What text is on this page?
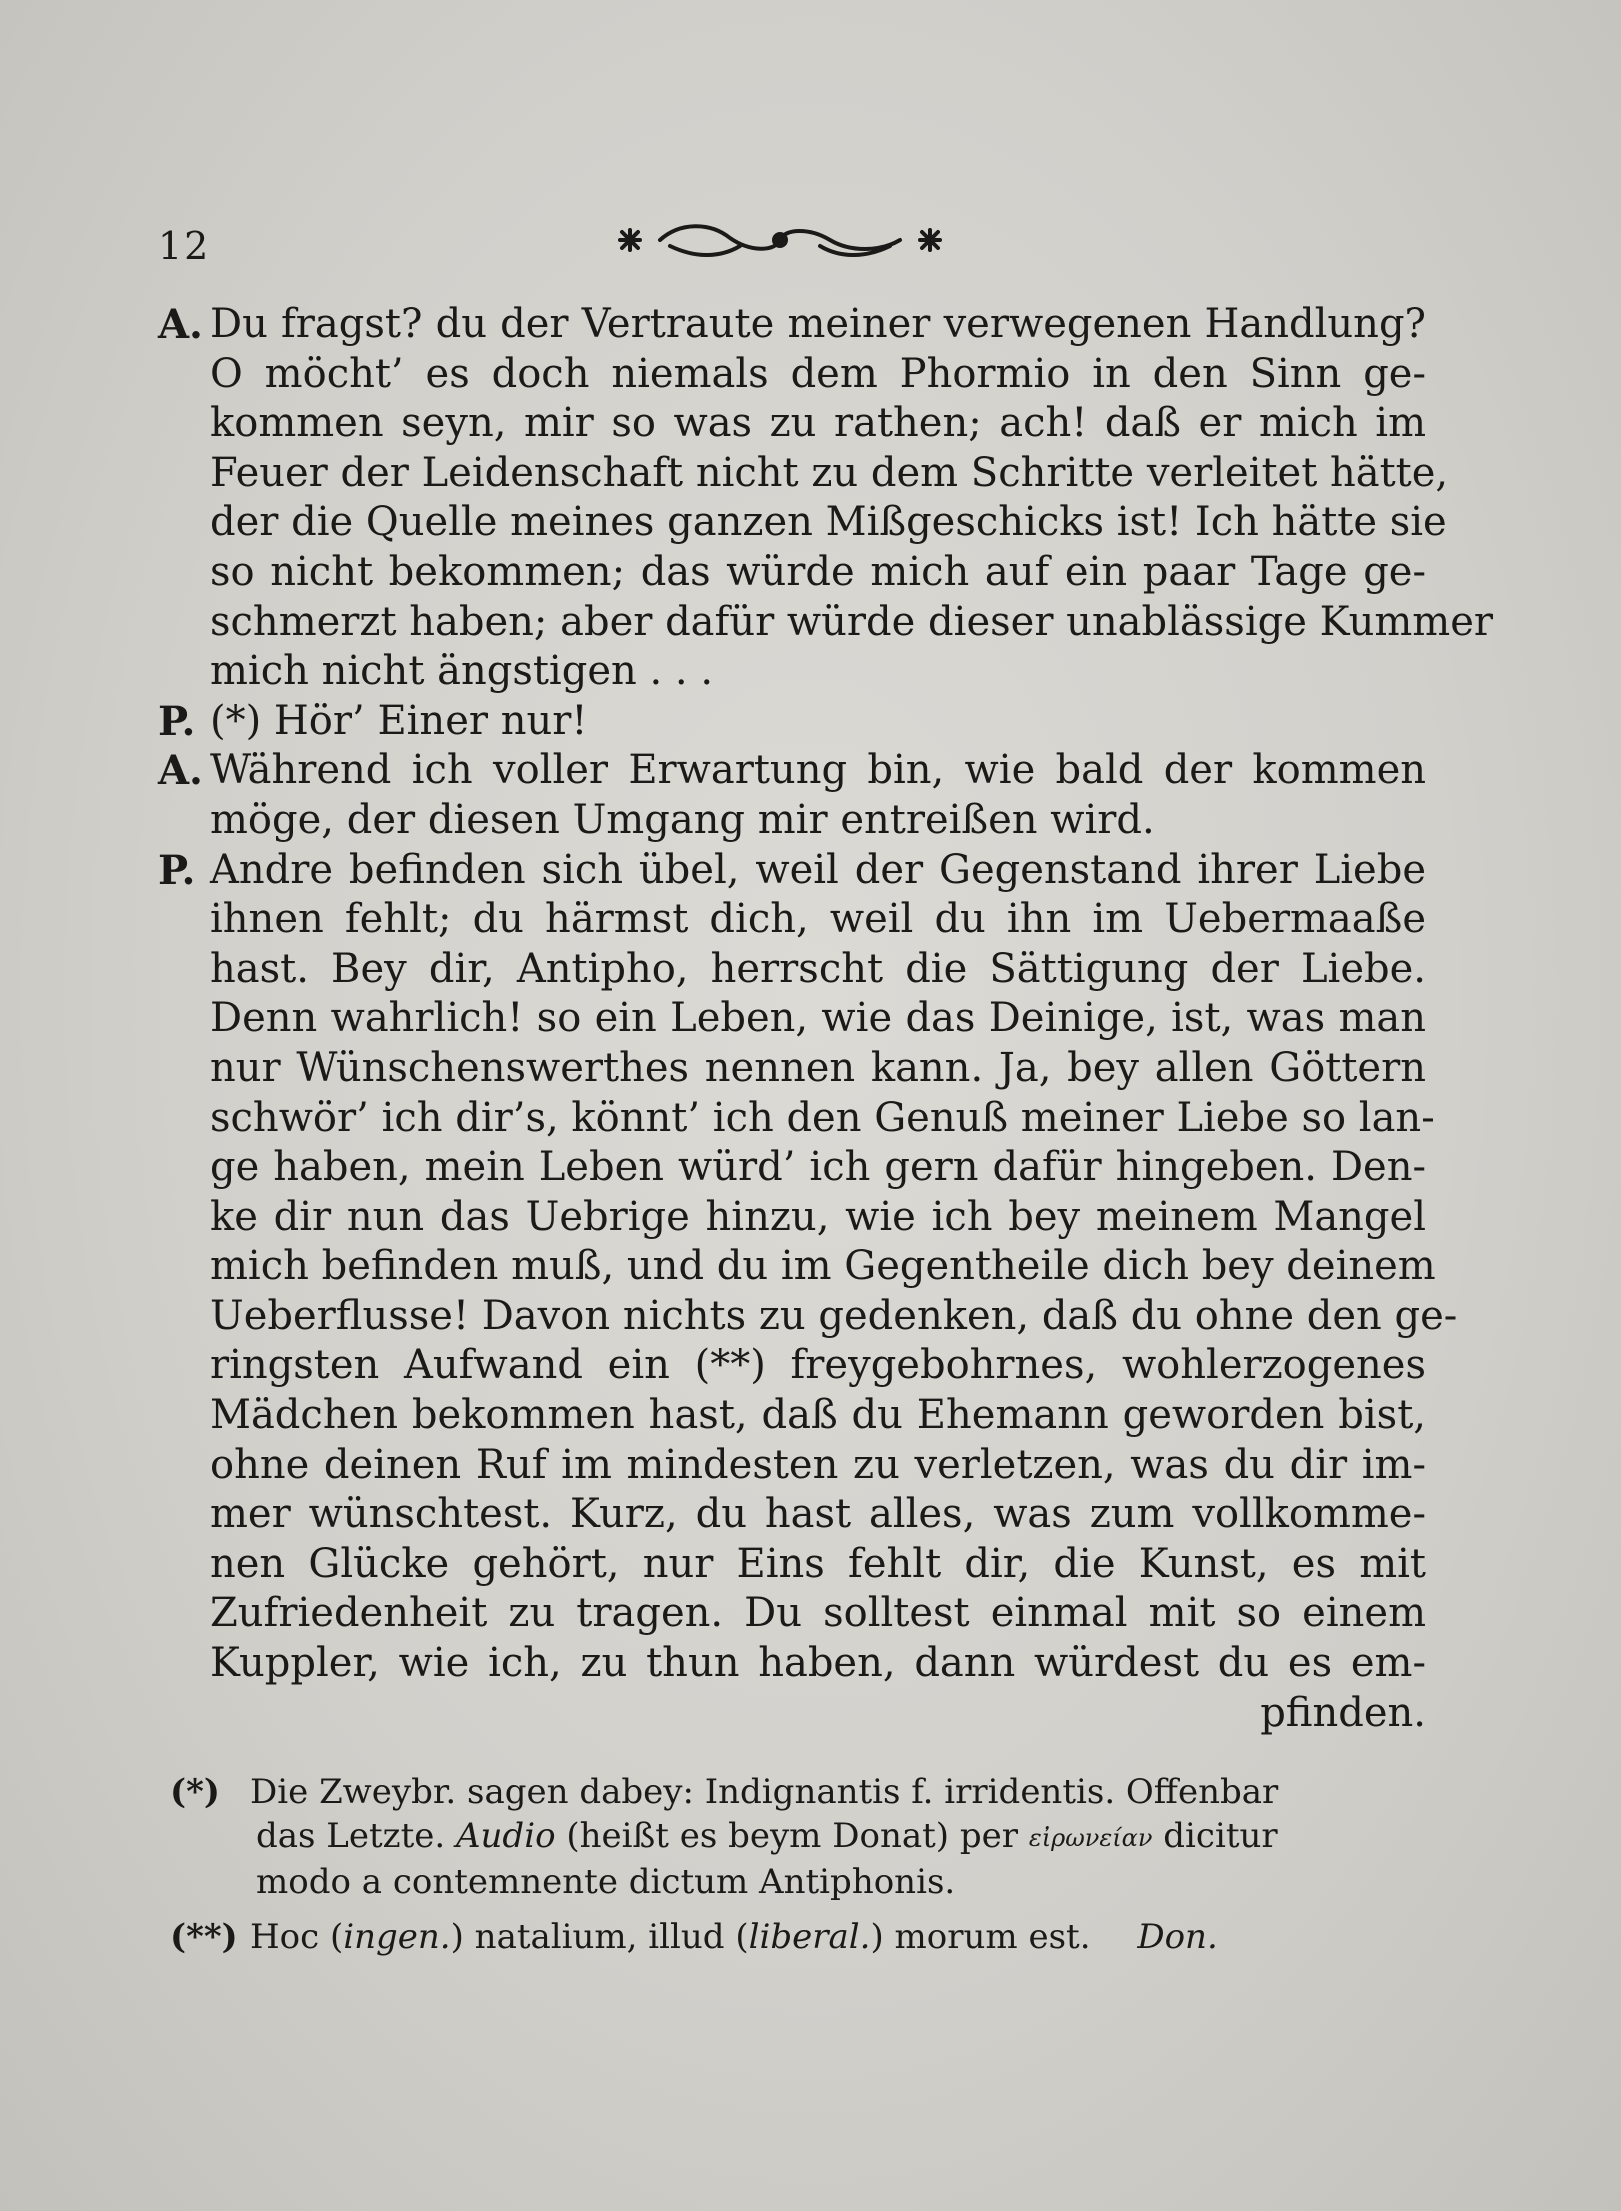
12
A. Du fragst? du der Vertraute meiner verwegenen Handlung?
O möcht’ es doch niemals dem Phormio in den Sinn ge-
kommen seyn, mir so was zu rathen; ach! daß er mich im
Feuer der Leidenschaft nicht zu dem Schritte verleitet hätte,
der die Quelle meines ganzen Mißgeschicks ist! Ich hätte sie
so nicht bekommen; das würde mich auf ein paar Tage ge-
schmerzt haben; aber dafür würde dieser unablässige Kummer
mich nicht ängstigen . . .
P. (*) Hör’ Einer nur!
A. Während ich voller Erwartung bin, wie bald der kommen
möge, der diesen Umgang mir entreißen wird.
P. Andre befinden sich übel, weil der Gegenstand ihrer Liebe
ihnen fehlt; du härmst dich, weil du ihn im Uebermaaße
hast. Bey dir, Antipho, herrscht die Sättigung der Liebe.
Denn wahrlich! so ein Leben, wie das Deinige, ist, was man
nur Wünschenswerthes nennen kann. Ja, bey allen Göttern
schwör’ ich dir’s, könnt’ ich den Genuß meiner Liebe so lan-
ge haben, mein Leben würd’ ich gern dafür hingeben. Den-
ke dir nun das Uebrige hinzu, wie ich bey meinem Mangel
mich befinden muß, und du im Gegentheile dich bey deinem
Ueberflusse! Davon nichts zu gedenken, daß du ohne den ge-
ringsten Aufwand ein (**) freygebohrnes, wohlerzogenes
Mädchen bekommen hast, daß du Ehemann geworden bist,
ohne deinen Ruf im mindesten zu verletzen, was du dir im-
mer wünschtest. Kurz, du hast alles, was zum vollkomme-
nen Glücke gehört, nur Eins fehlt dir, die Kunst, es mit
Zufriedenheit zu tragen. Du solltest einmal mit so einem
Kuppler, wie ich, zu thun haben, dann würdest du es em-
pfinden.
(*) Die Zweybr. sagen dabey: Indignantis f. irridentis. Offenbar
das Letzte. Audio (heißt es beym Donat) per εἰρωνείαν dicitur
modo a contemnente dictum Antiphonis.
(**) Hoc (ingen.) natalium, illud (liberal.) morum est. Don.
